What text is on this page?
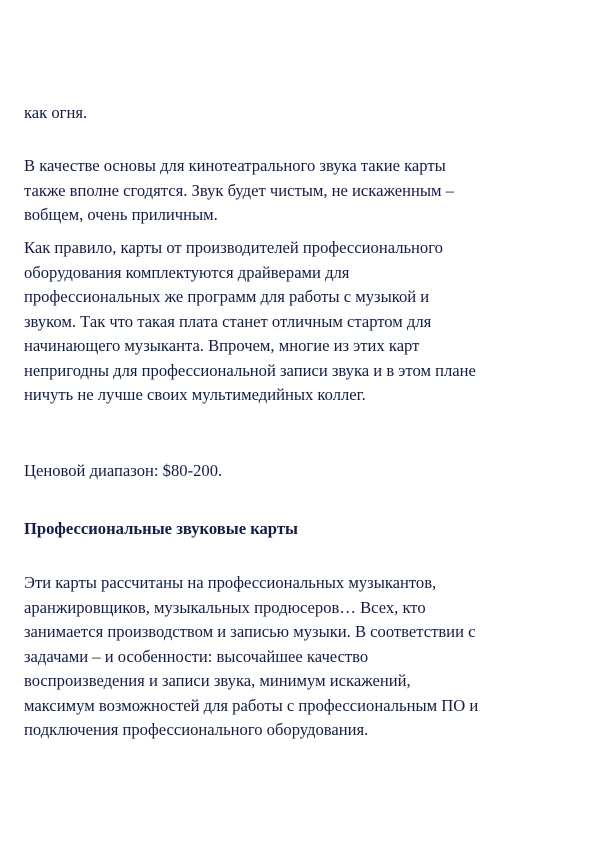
как огня.
В качестве основы для кинотеатрального звука такие карты
также вполне сгодятся. Звук будет чистым, не искаженным –
вобщем, очень приличным.
Как правило, карты от производителей профессионального
оборудования комплектуются драйверами для
профессиональных же программ для работы с музыкой и
звуком. Так что такая плата станет отличным стартом для
начинающего музыканта. Впрочем, многие из этих карт
непригодны для профессиональной записи звука и в этом плане
ничуть не лучше своих мультимедийных коллег.
Ценовой диапазон: $80-200.
Профессиональные звуковые карты
Эти карты рассчитаны на профессиональных музыкантов,
аранжировщиков, музыкальных продюсеров… Всех, кто
занимается производством и записью музыки. В соответствии с
задачами – и особенности: высочайшее качество
воспроизведения и записи звука, минимум искажений,
максимум возможностей для работы с профессиональным ПО и
подключения профессионального оборудования.
